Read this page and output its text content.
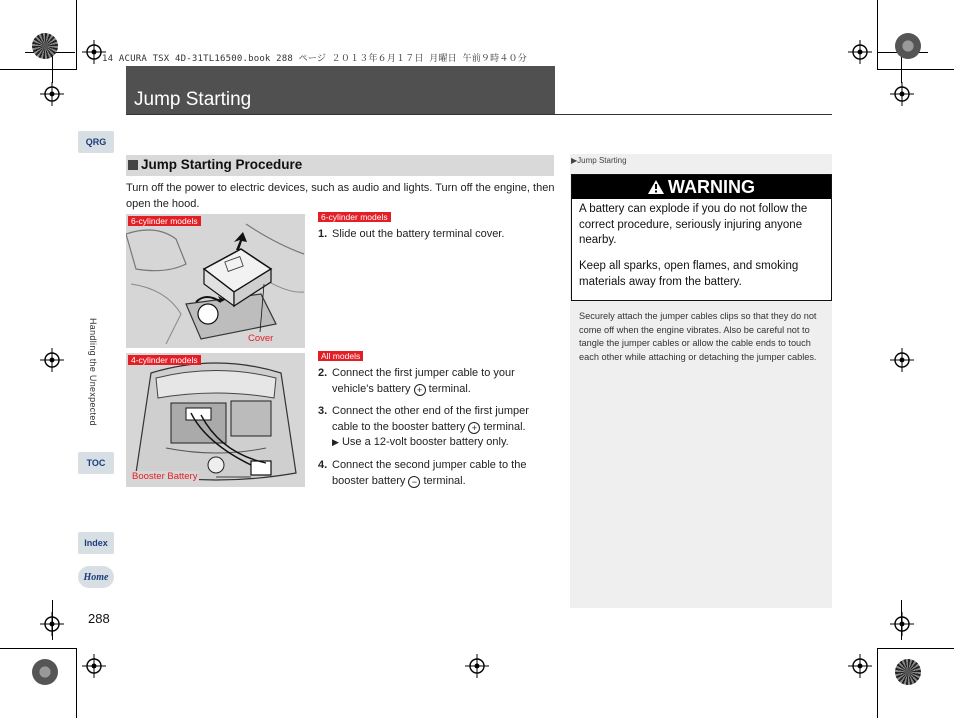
14 ACURA TSX 4D-31TL16500.book 288 ページ ２０１３年６月１７日 月曜日 午前９時４０分
Jump Starting
QRG
Handling the Unexpected
TOC
Index
Home
288
Jump Starting Procedure
Turn off the power to electric devices, such as audio and lights. Turn off the engine, then open the hood.
6-cylinder models
Cover
4-cylinder models
Booster Battery
6-cylinder models
1. Slide out the battery terminal cover.
All models
2. Connect the first jumper cable to your vehicle's battery + terminal.
3. Connect the other end of the first jumper cable to the booster battery + terminal.
▶ Use a 12-volt booster battery only.
4. Connect the second jumper cable to the booster battery − terminal.
▶Jump Starting
WARNING
A battery can explode if you do not follow the correct procedure, seriously injuring anyone nearby.
Keep all sparks, open flames, and smoking materials away from the battery.
Securely attach the jumper cables clips so that they do not come off when the engine vibrates. Also be careful not to tangle the jumper cables or allow the cable ends to touch each other while attaching or detaching the jumper cables.
